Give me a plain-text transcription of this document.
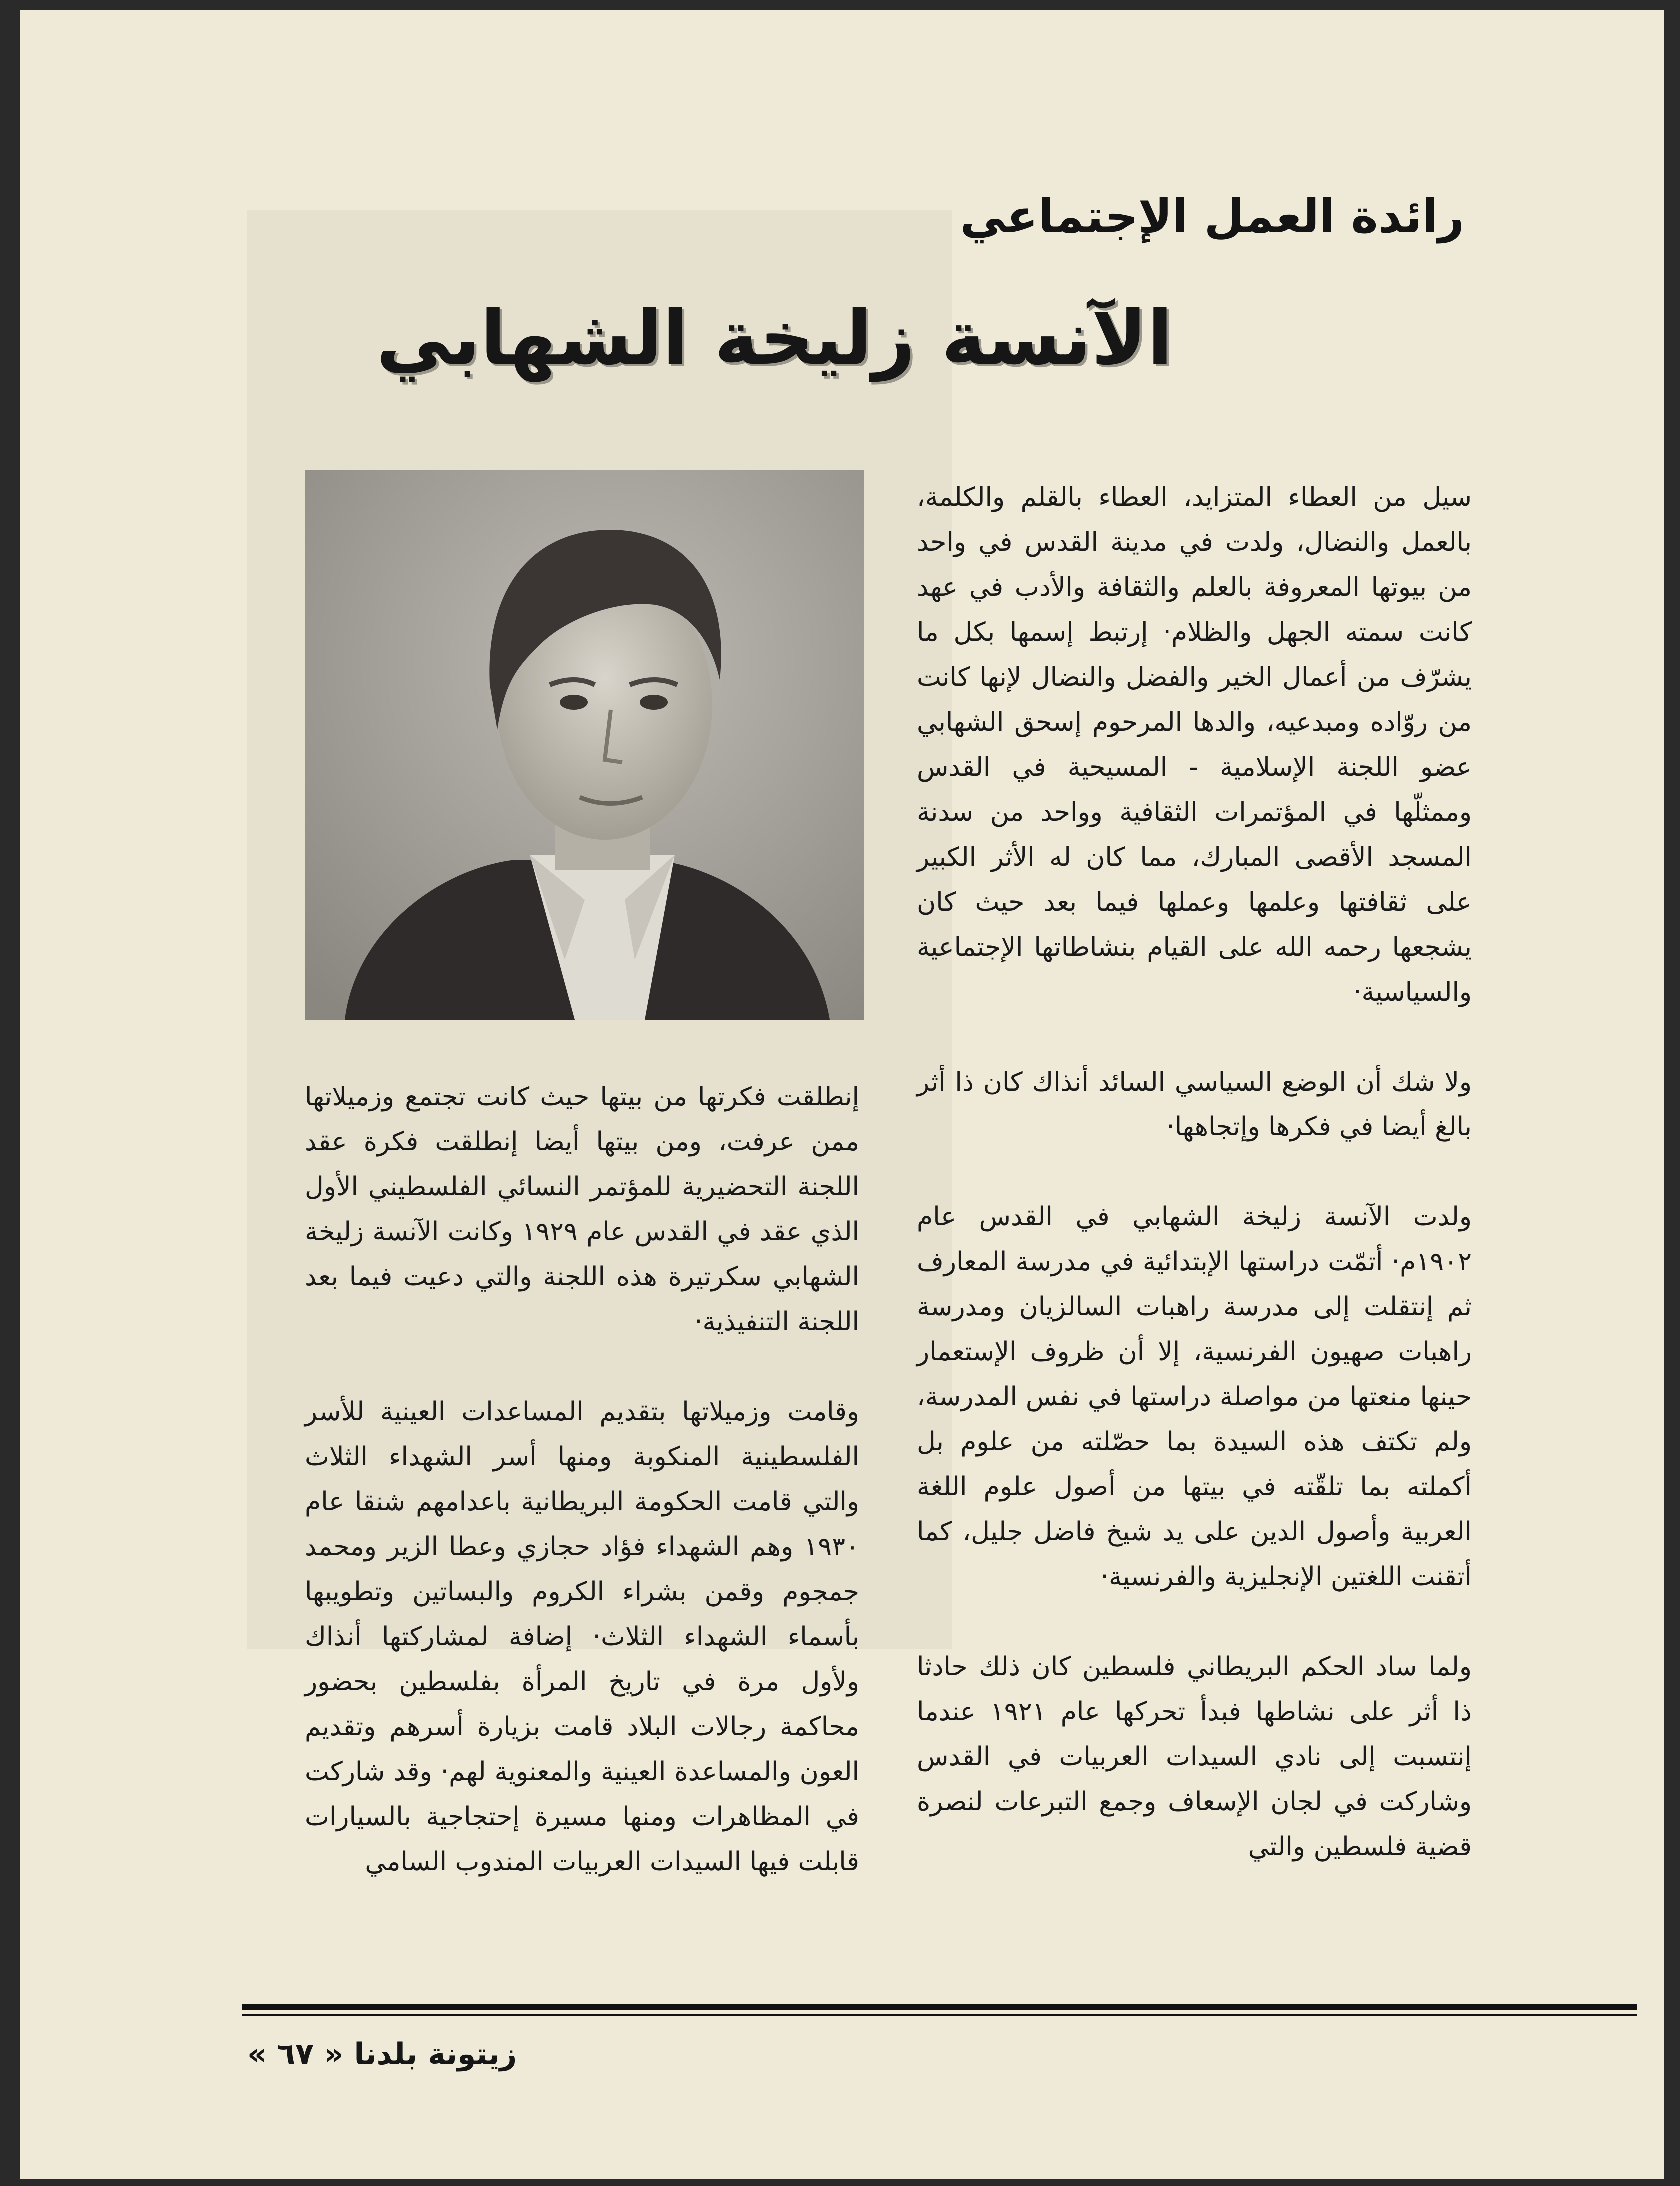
رائدة العمل الإجتماعي
الآنسة زليخة الشهابي

سيل من العطاء المتزايد، العطاء بالقلم والكلمة، بالعمل والنضال، ولدت في مدينة القدس في واحد من بيوتها المعروفة بالعلم والثقافة والأدب في عهد كانت سمته الجهل والظلام· إرتبط إسمها بكل ما يشرّف من أعمال الخير والفضل والنضال لإنها كانت من روّاده ومبدعيه، والدها المرحوم إسحق الشهابي عضو اللجنة الإسلامية - المسيحية في القدس وممثلّها في المؤتمرات الثقافية وواحد من سدنة المسجد الأقصى المبارك، مما كان له الأثر الكبير على ثقافتها وعلمها وعملها فيما بعد حيث كان يشجعها رحمه الله على القيام بنشاطاتها الإجتماعية والسياسية·

ولا شك أن الوضع السياسي السائد أنذاك كان ذا أثر بالغ أيضا في فكرها وإتجاهها·

ولدت الآنسة زليخة الشهابي في القدس عام ١٩٠٢م· أتمّت دراستها الإبتدائية في مدرسة المعارف ثم إنتقلت إلى مدرسة راهبات السالزيان ومدرسة راهبات صهيون الفرنسية، إلا أن ظروف الإستعمار حينها منعتها من مواصلة دراستها في نفس المدرسة، ولم تكتف هذه السيدة بما حصّلته من علوم بل أكملته بما تلقّته في بيتها من أصول علوم اللغة العربية وأصول الدين على يد شيخ فاضل جليل، كما أتقنت اللغتين الإنجليزية والفرنسية·

ولما ساد الحكم البريطاني فلسطين كان ذلك حادثا ذا أثر على نشاطها فبدأ تحركها عام ١٩٢١ عندما إنتسبت إلى نادي السيدات العربيات في القدس وشاركت في لجان الإسعاف وجمع التبرعات لنصرة قضية فلسطين والتي

إنطلقت فكرتها من بيتها حيث كانت تجتمع وزميلاتها ممن عرفت، ومن بيتها أيضا إنطلقت فكرة عقد اللجنة التحضيرية للمؤتمر النسائي الفلسطيني الأول الذي عقد في القدس عام ١٩٢٩ وكانت الآنسة زليخة الشهابي سكرتيرة هذه اللجنة والتي دعيت فيما بعد اللجنة التنفيذية·

وقامت وزميلاتها بتقديم المساعدات العينية للأسر الفلسطينية المنكوبة ومنها أسر الشهداء الثلاث والتي قامت الحكومة البريطانية باعدامهم شنقا عام ١٩٣٠ وهم الشهداء فؤاد حجازي وعطا الزير ومحمد جمجوم وقمن بشراء الكروم والبساتين وتطويبها بأسماء الشهداء الثلاث· إضافة لمشاركتها أنذاك ولأول مرة في تاريخ المرأة بفلسطين بحضور محاكمة رجالات البلاد قامت بزيارة أسرهم وتقديم العون والمساعدة العينية والمعنوية لهم· وقد شاركت في المظاهرات ومنها مسيرة إحتجاجية بالسيارات قابلت فيها السيدات العربيات المندوب السامي

زيتونة بلدنا « ٦٧ »
